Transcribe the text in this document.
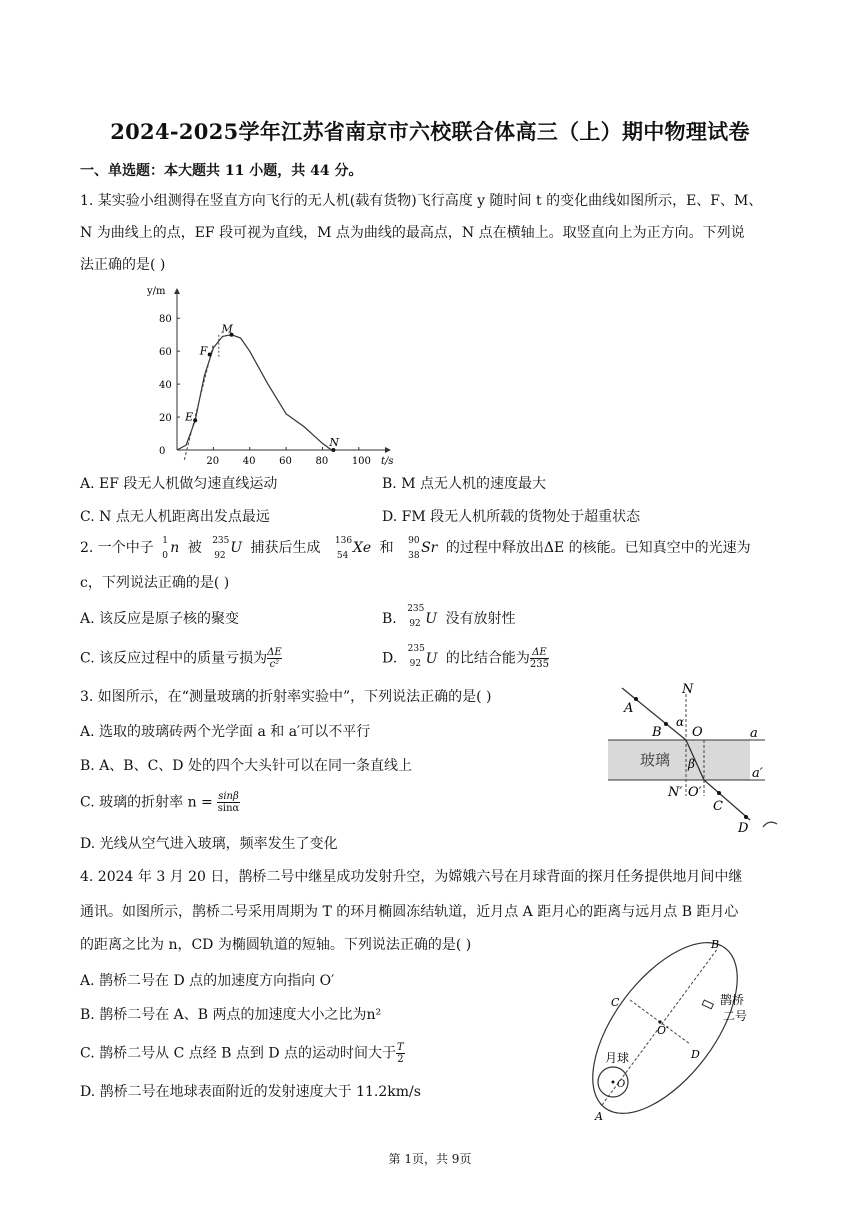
2024-2025学年江苏省南京市六校联合体高三（上）期中物理试卷
一、单选题：本大题共 11 小题，共 44 分。
1. 某实验小组测得在竖直方向飞行的无人机(载有货物)飞行高度 y 随时间 t 的变化曲线如图所示，E、F、M、
N 为曲线上的点，EF 段可视为直线，M 点为曲线的最高点，N 点在横轴上。取竖直向上为正方向。下列说
法正确的是( )
y/m
t/s
20 40 60 80 100
0
20
40
60
80
E
F
M
N
A. EF 段无人机做匀速直线运动	B. M 点无人机的速度最大
C. N 点无人机距离出发点最远	D. FM 段无人机所载的货物处于超重状态
2. 一个中子 1
0 n 被 235
92 U 捕获后生成 136
54 Xe 和 90
38 Sr 的过程中释放出ΔE 的核能。已知真空中的光速为
c，下列说法正确的是( )
A. 该反应是原子核的聚变	B.
235
92 U 没有放射性
C. 该反应过程中的质量亏损为 $\frac{\Delta E}{\text{c²}}$	D.
235
92 U 的比结合能为 $\frac{\Delta E}{235}$
3. 如图所示，在“测量玻璃的折射率实验中”，下列说法正确的是( )
A. 选取的玻璃砖两个光学面 a 和 a′可以不平行
B. A、B、C、D 处的四个大头针可以在同一条直线上
C. 玻璃的折射率 $n = \frac{\sin\beta}{\sin\alpha}$
D. 光线从空气进入玻璃，频率发生了变化
A
B
C
D
N
N′
O
O′
a
a′
α
β
玻璃
4. 2024 年 3 月 20 日，鹊桥二号中继星成功发射升空，为嫦娥六号在月球背面的探月任务提供地月间中继
通讯。如图所示，鹊桥二号采用周期为 T 的环月椭圆冻结轨道，近月点 A 距月心的距离与远月点 B 距月心
的距离之比为 n，CD 为椭圆轨道的短轴。下列说法正确的是( )
A. 鹊桥二号在 D 点的加速度方向指向 O′
B. 鹊桥二号在 A、B 两点的加速度大小之比为n²
C. 鹊桥二号从 C 点经 B 点到 D 点的运动时间大于 $\frac{T}{2}$
D. 鹊桥二号在地球表面附近的发射速度大于 11.2km/s
B
A
C
D
O
O′
月球
鹊桥
二号
第 1页，共 9页
